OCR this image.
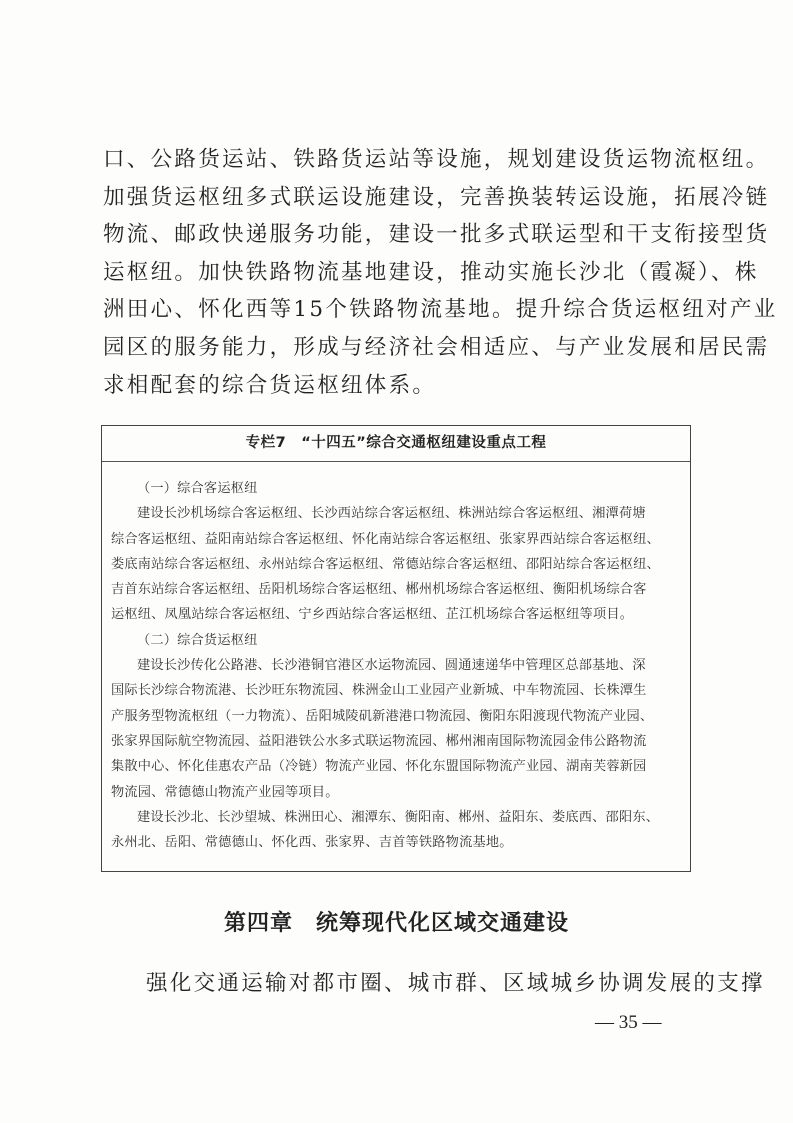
口、公路货运站、铁路货运站等设施，规划建设货运物流枢纽。
加强货运枢纽多式联运设施建设，完善换装转运设施，拓展冷链
物流、邮政快递服务功能，建设一批多式联运型和干支衔接型货
运枢纽。加快铁路物流基地建设，推动实施长沙北（霞凝）、株
洲田心、怀化西等15个铁路物流基地。提升综合货运枢纽对产业
园区的服务能力，形成与经济社会相适应、与产业发展和居民需
求相配套的综合货运枢纽体系。
专栏7　“十四五”综合交通枢纽建设重点工程
（一）综合客运枢纽
建设长沙机场综合客运枢纽、长沙西站综合客运枢纽、株洲站综合客运枢纽、湘潭荷塘
综合客运枢纽、益阳南站综合客运枢纽、怀化南站综合客运枢纽、张家界西站综合客运枢纽、
娄底南站综合客运枢纽、永州站综合客运枢纽、常德站综合客运枢纽、邵阳站综合客运枢纽、
吉首东站综合客运枢纽、岳阳机场综合客运枢纽、郴州机场综合客运枢纽、衡阳机场综合客
运枢纽、凤凰站综合客运枢纽、宁乡西站综合客运枢纽、芷江机场综合客运枢纽等项目。
（二）综合货运枢纽
建设长沙传化公路港、长沙港铜官港区水运物流园、圆通速递华中管理区总部基地、深
国际长沙综合物流港、长沙旺东物流园、株洲金山工业园产业新城、中车物流园、长株潭生
产服务型物流枢纽（一力物流）、岳阳城陵矶新港港口物流园、衡阳东阳渡现代物流产业园、
张家界国际航空物流园、益阳港铁公水多式联运物流园、郴州湘南国际物流园金伟公路物流
集散中心、怀化佳惠农产品（冷链）物流产业园、怀化东盟国际物流产业园、湖南芙蓉新园
物流园、常德德山物流产业园等项目。
建设长沙北、长沙望城、株洲田心、湘潭东、衡阳南、郴州、益阳东、娄底西、邵阳东、
永州北、岳阳、常德德山、怀化西、张家界、吉首等铁路物流基地。
第四章　统筹现代化区域交通建设
强化交通运输对都市圈、城市群、区域城乡协调发展的支撑
— 35 —
